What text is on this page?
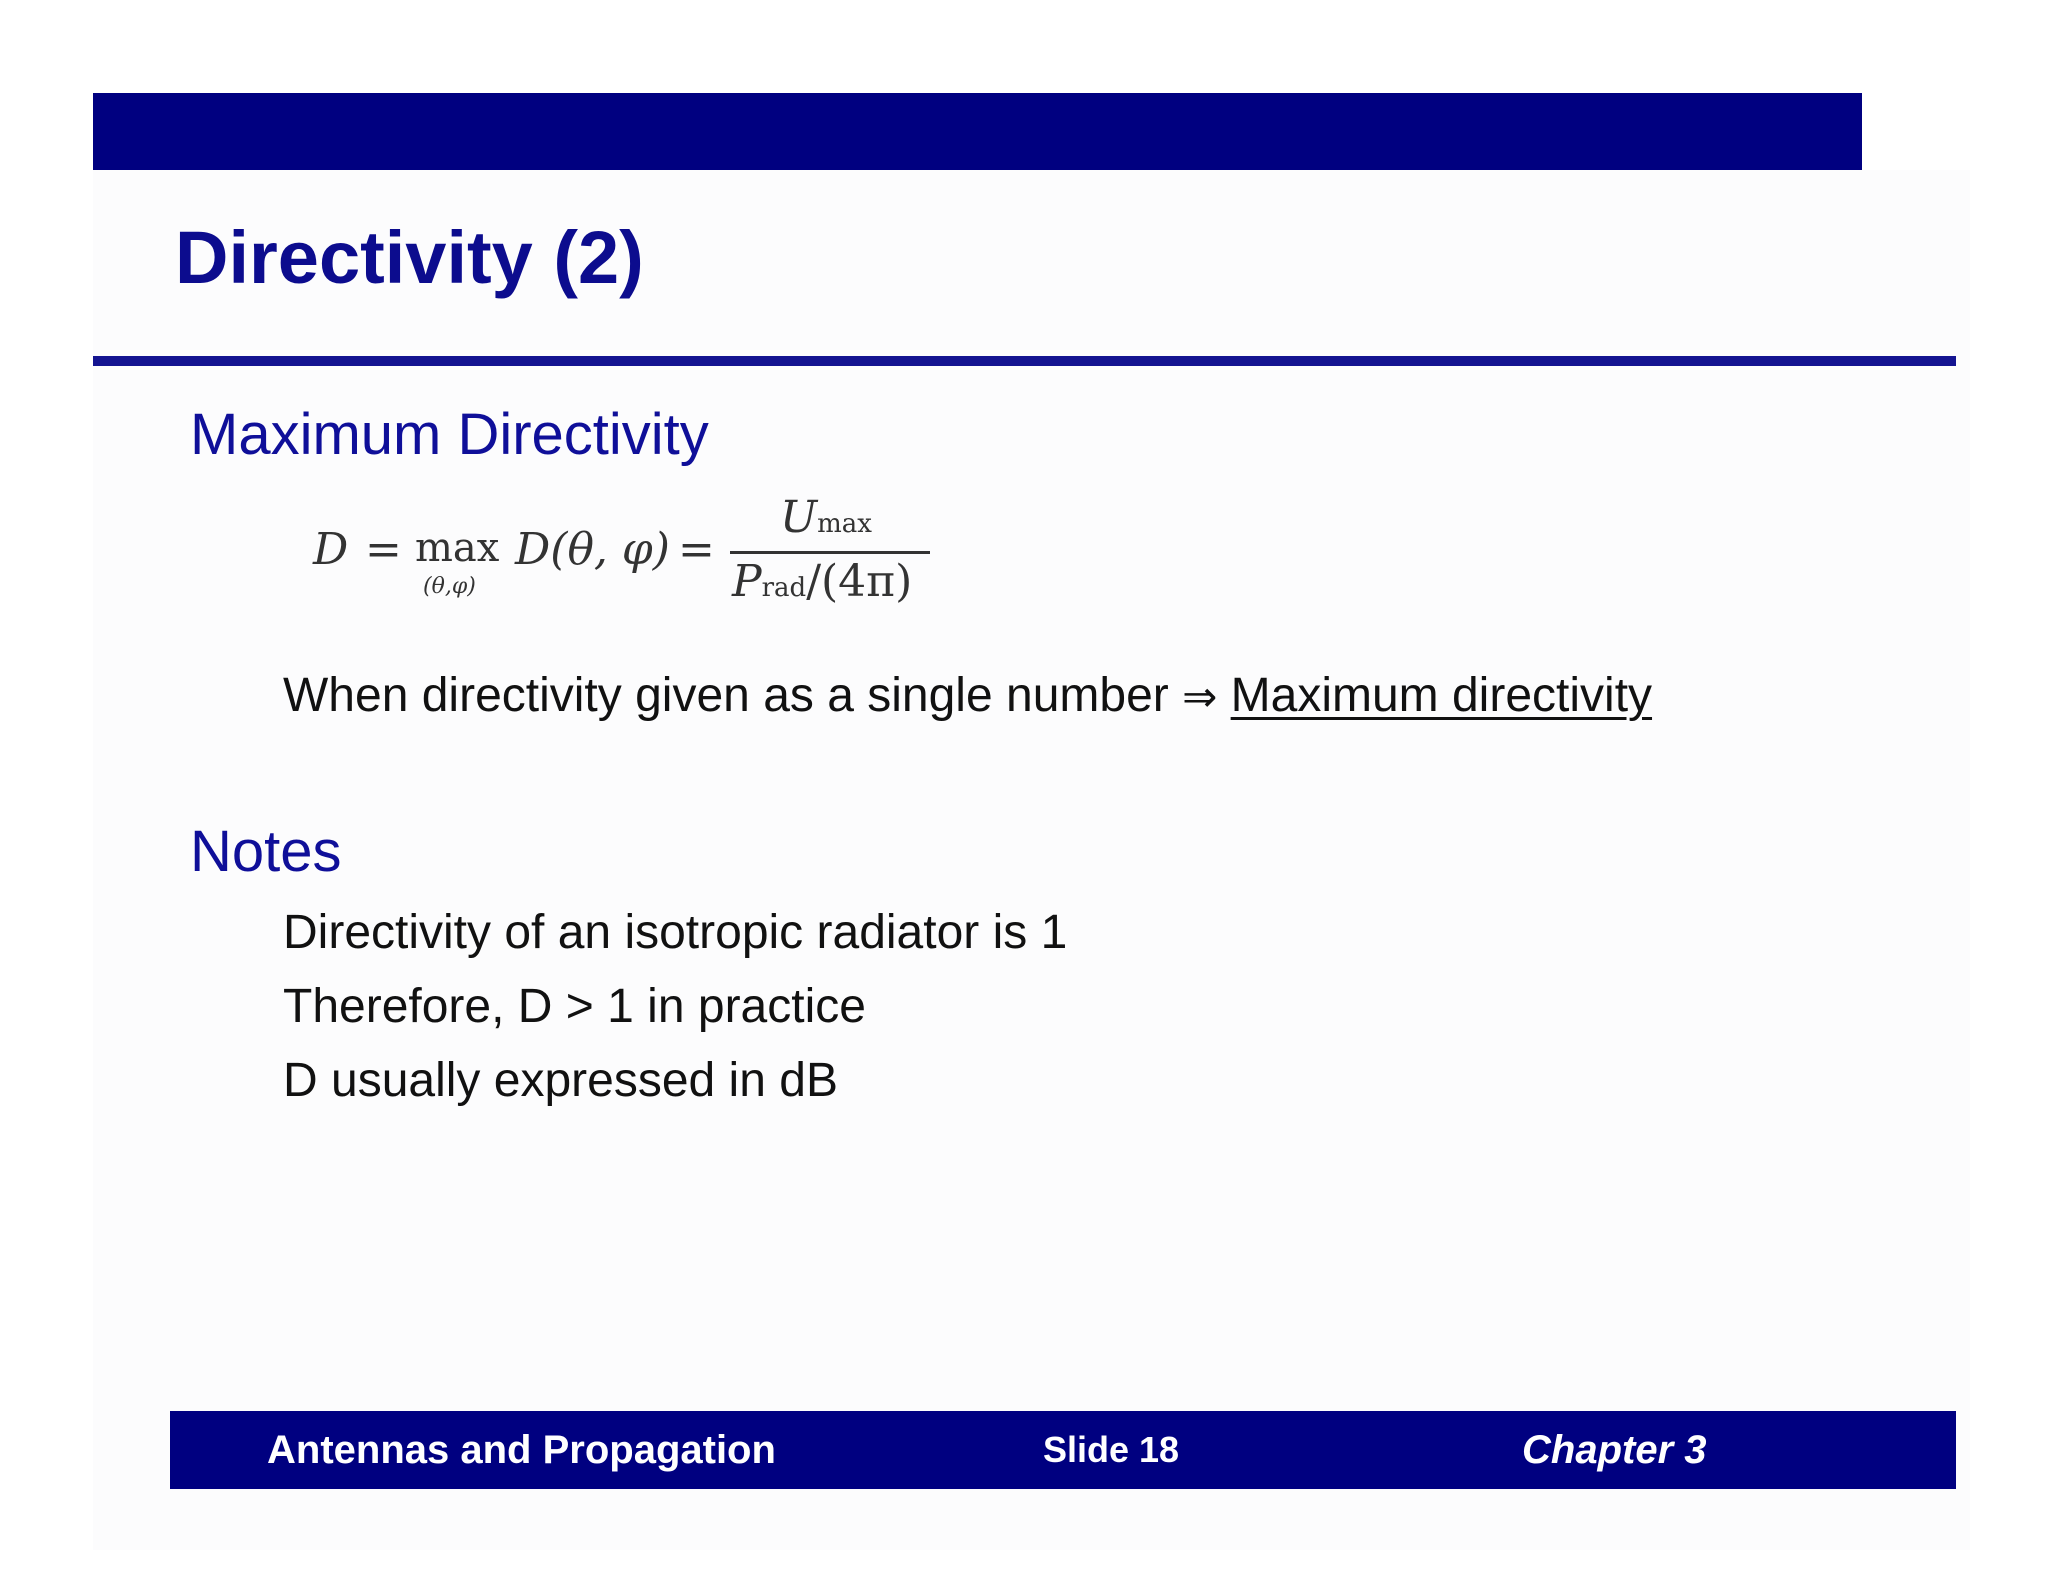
Directivity (2)
Maximum Directivity
D = max
(θ,φ)
D(θ, φ) =
Umax
Prad/(4π)

When directivity given as a single number ⇒ Maximum directivity

Notes

Directivity of an isotropic radiator is 1

Therefore, D > 1 in practice

D usually expressed in dB

Antennas and Propagation	Slide 18	Chapter 3
